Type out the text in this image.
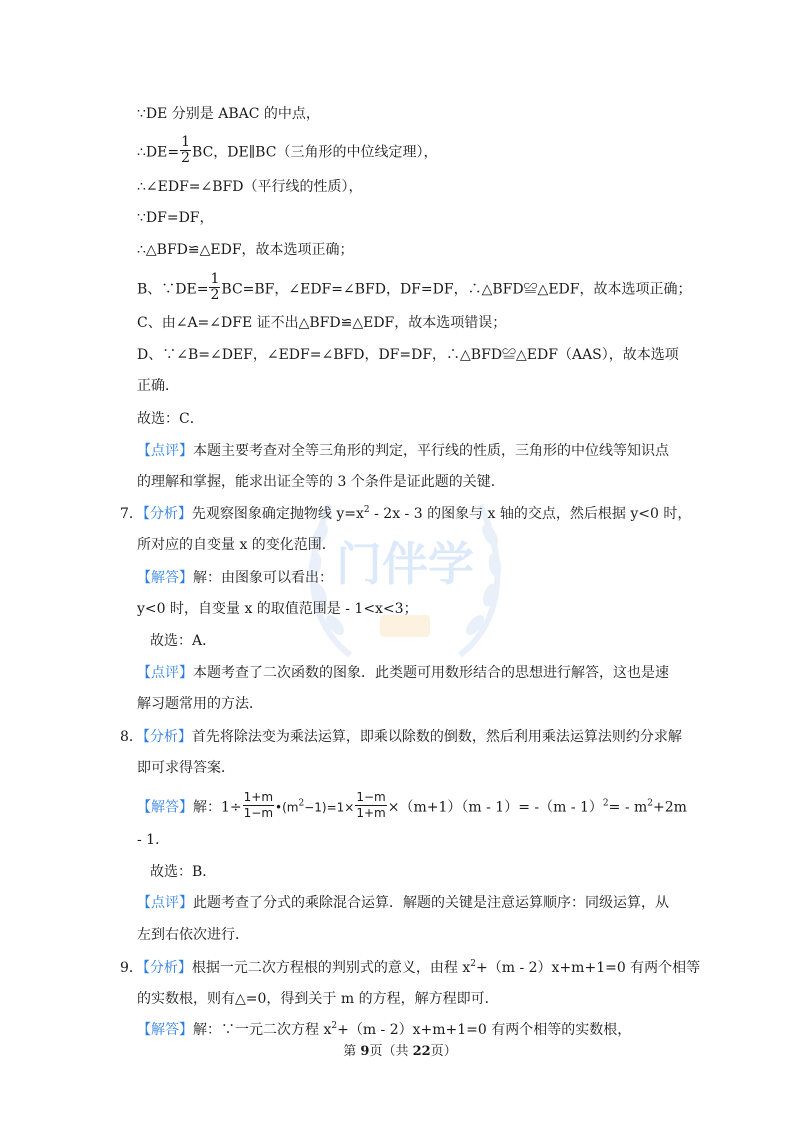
门伴学
∵DE 分别是 ABAC 的中点，
∴DE= $\frac{1}{2}$ BC，DE∥BC（三角形的中位线定理），
∴∠EDF=∠BFD（平行线的性质），
∵DF=DF，
∴△BFD≌△EDF，故本选项正确；
B、∵DE= $\frac{1}{2} BC=BF$，∠EDF=∠BFD，DF=DF，∴△BFD≌△EDF，故本选项正确；
C、由∠A=∠DFE 证不出△BFD≌△EDF，故本选项错误；
D、∵∠B=∠DEF，∠EDF=∠BFD，DF=DF，∴△BFD≌△EDF（AAS），故本选项
正确．
故选：C．
【点评】本题主要考查对全等三角形的判定，平行线的性质，三角形的中位线等知识点
的理解和掌握，能求出证全等的 3 个条件是证此题的关键．
7．【分析】先观察图象确定抛物线 $y=x^2 - 2x - 3$ 的图象与 x 轴的交点，然后根据 y<0 时，
所对应的自变量 x 的变化范围．
【解答】解：由图象可以看出：
y<0 时，自变量 x 的取值范围是 - 1<x<3；
故选：A．
【点评】本题考查了二次函数的图象．此类题可用数形结合的思想进行解答，这也是速
解习题常用的方法．
8．【分析】首先将除法变为乘法运算，即乘以除数的倒数，然后利用乘法运算法则约分求解
即可求得答案．
【解答】解：$1\div \frac{1+m}{1-m}$ $•(m^2-1)=1\times \frac{1-m}{1+m} \times(m+1)(m - 1)= -(m - 1)^2= - m^2+2m$
- 1．
故选：B．
【点评】此题考查了分式的乘除混合运算．解题的关键是注意运算顺序：同级运算，从
左到右依次进行．
9．【分析】根据一元二次方程根的判别式的意义，由程 $x^2+(m - 2)x+m+1=0$ 有两个相等
的实数根，则有△=0，得到关于 m 的方程，解方程即可．
【解答】解：∵一元二次方程 $x^2+(m - 2)x+m+1=0$ 有两个相等的实数根，
第 9页（共 22页）
